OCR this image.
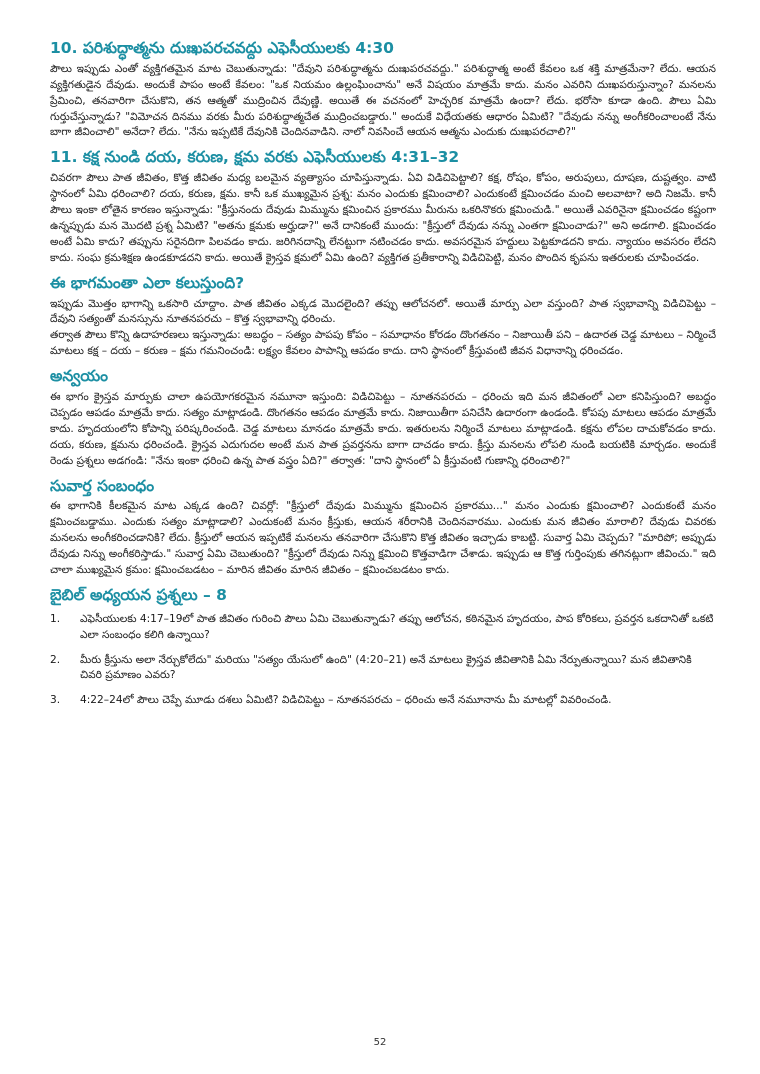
10. పరిశుద్ధాత్మను దుఃఖపరచవద్దు ఎఫెసీయులకు 4:30

పౌలు ఇప్పుడు ఎంతో వ్యక్తిగతమైన మాట చెబుతున్నాడు: "దేవుని పరిశుద్ధాత్మను దుఃఖపరచవద్దు." పరిశుద్ధాత్మ అంటే కేవలం ఒక శక్తి మాత్రమేనా? లేదు. ఆయన వ్యక్తిగతుడైన దేవుడు. అందుకే పాపం అంటే కేవలం: "ఒక నియమం ఉల్లంఘించాను" అనే విషయం మాత్రమే కాదు. మనం ఎవరిని దుఃఖపరుస్తున్నాం? మనలను ప్రేమించి, తనవారిగా చేసుకొని, తన ఆత్మతో ముద్రించిన దేవుణ్ణి. అయితే ఈ వచనంలో హెచ్చరిక మాత్రమే ఉందా? లేదు. భరోసా కూడా ఉంది. పౌలు ఏమి గుర్తుచేస్తున్నాడు? "విమోచన దినము వరకు మీరు పరిశుద్ధాత్మచేత ముద్రించబడ్డారు." అందుకే విధేయతకు ఆధారం ఏమిటి? "దేవుడు నన్ను అంగీకరించాలంటే నేను బాగా జీవించాలి" అనేదా? లేదు. "నేను ఇప్పటికే దేవునికి చెందినవాడిని. నాలో నివసించే ఆయన ఆత్మను ఎందుకు దుఃఖపరచాలి?"

11. కక్ష నుండి దయ, కరుణ, క్షమ వరకు ఎఫెసీయులకు 4:31–32

చివరగా పౌలు పాత జీవితం, కొత్త జీవితం మధ్య బలమైన వ్యత్యాసం చూపిస్తున్నాడు. ఏవి విడిచిపెట్టాలి? కక్ష, రోషం, కోపం, అరుపులు, దూషణ, దుష్టత్వం. వాటి స్థానంలో ఏమి ధరించాలి? దయ, కరుణ, క్షమ. కానీ ఒక ముఖ్యమైన ప్రశ్న: మనం ఎందుకు క్షమించాలి? ఎందుకంటే క్షమించడం మంచి అలవాటా? అది నిజమే. కానీ పౌలు ఇంకా లోతైన కారణం ఇస్తున్నాడు: "క్రీస్తునందు దేవుడు మిమ్మును క్షమించిన ప్రకారము మీరును ఒకరినొకరు క్షమించుడి." అయితే ఎవరినైనా క్షమించడం కష్టంగా ఉన్నప్పుడు మన మొదటి ప్రశ్న ఏమిటి? "అతను క్షమకు అర్హుడా?" అనే దానికంటే ముందు: "క్రీస్తులో దేవుడు నన్ను ఎంతగా క్షమించాడు?" అని అడగాలి. క్షమించడం అంటే ఏమి కాదు? తప్పును సరైనదిగా పిలవడం కాదు. జరిగినదాన్ని లేనట్టుగా నటించడం కాదు. అవసరమైన హద్దులు పెట్టకూడదని కాదు. న్యాయం అవసరం లేదని కాదు. సంఘ క్రమశిక్షణ ఉండకూడదని కాదు. అయితే క్రైస్తవ క్షమలో ఏమి ఉంది? వ్యక్తిగత ప్రతీకారాన్ని విడిచిపెట్టి, మనం పొందిన కృపను ఇతరులకు చూపించడం.

ఈ భాగమంతా ఎలా కలుస్తుంది?

ఇప్పుడు మొత్తం భాగాన్ని ఒకసారి చూద్దాం. పాత జీవితం ఎక్కడ మొదలైంది? తప్పు ఆలోచనలో. అయితే మార్పు ఎలా వస్తుంది? పాత స్వభావాన్ని విడిచిపెట్టు – దేవుని సత్యంతో మనస్సును నూతనపరచు – కొత్త స్వభావాన్ని ధరించు.

తర్వాత పౌలు కొన్ని ఉదాహరణలు ఇస్తున్నాడు: అబద్ధం – సత్యం పాపపు కోపం – సమాధానం కోరడం దొంగతనం – నిజాయితీ పని – ఉదారత చెడ్డ మాటలు – నిర్మించే మాటలు కక్ష – దయ – కరుణ – క్షమ గమనించండి: లక్ష్యం కేవలం పాపాన్ని ఆపడం కాదు. దాని స్థానంలో క్రీస్తువంటి జీవన విధానాన్ని ధరించడం.

అన్వయం

ఈ భాగం క్రైస్తవ మార్పుకు చాలా ఉపయోగకరమైన నమూనా ఇస్తుంది: విడిచిపెట్టు – నూతనపరచు – ధరించు ఇది మన జీవితంలో ఎలా కనిపిస్తుంది? అబద్ధం చెప్పడం ఆపడం మాత్రమే కాదు. సత్యం మాట్లాడండి. దొంగతనం ఆపడం మాత్రమే కాదు. నిజాయితీగా పనిచేసి ఉదారంగా ఉండండి. కోపపు మాటలు ఆపడం మాత్రమే కాదు. హృదయంలోని కోపాన్ని పరిష్కరించండి. చెడ్డ మాటలు మానడం మాత్రమే కాదు. ఇతరులను నిర్మించే మాటలు మాట్లాడండి. కక్షను లోపల దాచుకోవడం కాదు. దయ, కరుణ, క్షమను ధరించండి. క్రైస్తవ ఎదుగుదల అంటే మన పాత ప్రవర్తనను బాగా దాచడం కాదు. క్రీస్తు మనలను లోపలి నుండి బయటికి మార్చడం. అందుకే రెండు ప్రశ్నలు అడగండి: "నేను ఇంకా ధరించి ఉన్న పాత వస్త్రం ఏది?" తర్వాత: "దాని స్థానంలో ఏ క్రీస్తువంటి గుణాన్ని ధరించాలి?"

సువార్త సంబంధం

ఈ భాగానికి కీలకమైన మాట ఎక్కడ ఉంది? చివర్లో: "క్రీస్తులో దేవుడు మిమ్మును క్షమించిన ప్రకారము..." మనం ఎందుకు క్షమించాలి? ఎందుకంటే మనం క్షమించబడ్డాము. ఎందుకు సత్యం మాట్లాడాలి? ఎందుకంటే మనం క్రీస్తుకు, ఆయన శరీరానికి చెందినవారము. ఎందుకు మన జీవితం మారాలి? దేవుడు చివరకు మనలను అంగీకరించడానికి? లేదు. క్రీస్తులో ఆయన ఇప్పటికే మనలను తనవారిగా చేసుకొని కొత్త జీవితం ఇచ్చాడు కాబట్టి. సువార్త ఏమి చెప్పదు? "మారిపో; అప్పుడు దేవుడు నిన్ను అంగీకరిస్తాడు." సువార్త ఏమి చెబుతుంది? "క్రీస్తులో దేవుడు నిన్ను క్షమించి కొత్తవాడిగా చేశాడు. ఇప్పుడు ఆ కొత్త గుర్తింపుకు తగినట్లుగా జీవించు." ఇది చాలా ముఖ్యమైన క్రమం: క్షమించబడటం – మారిన జీవితం మారిన జీవితం – క్షమించబడటం కాదు.

బైబిల్ అధ్యయన ప్రశ్నలు – 8
1.	ఎఫెసీయులకు 4:17–19లో పాత జీవితం గురించి పౌలు ఏమి చెబుతున్నాడు? తప్పు ఆలోచన, కఠినమైన హృదయం, పాప కోరికలు, ప్రవర్తన ఒకదానితో ఒకటి ఎలా సంబంధం కలిగి ఉన్నాయి?
2.	మీరు క్రీస్తును అలా నేర్చుకోలేదు" మరియు "సత్యం యేసులో ఉంది" (4:20–21) అనే మాటలు క్రైస్తవ జీవితానికి ఏమి నేర్పుతున్నాయి? మన జీవితానికి చివరి ప్రమాణం ఎవరు?
3.	4:22–24లో పౌలు చెప్పే మూడు దశలు ఏమిటి? విడిచిపెట్టు – నూతనపరచు – ధరించు అనే నమూనాను మీ మాటల్లో వివరించండి.
52
